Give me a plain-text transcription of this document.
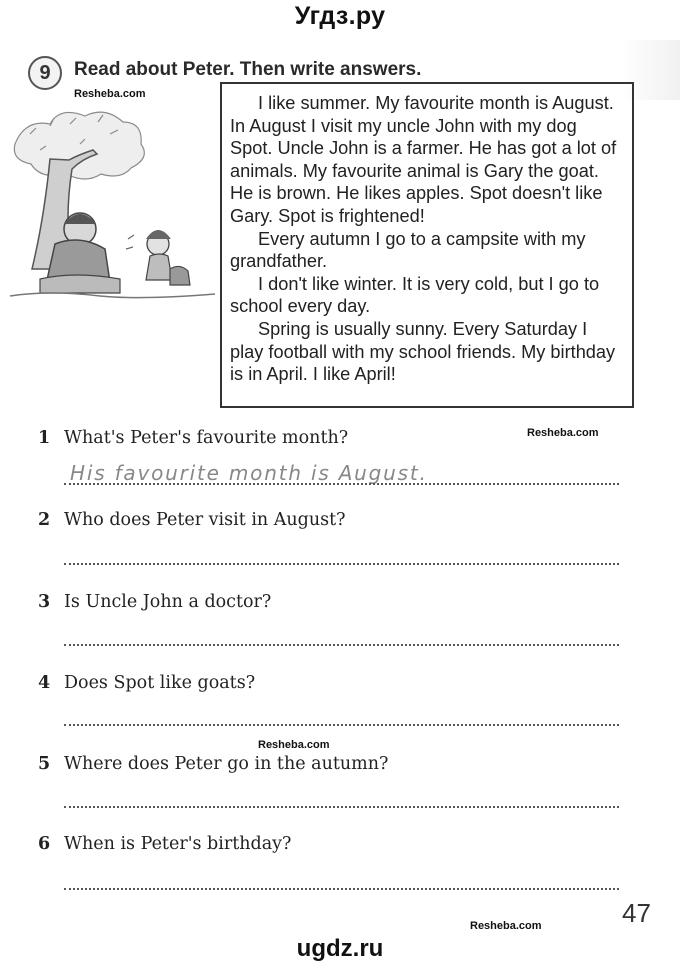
Угдз.ру
9	Read about Peter. Then write answers.
Resheba.com	I like summer. My favourite month is August. In August I visit my uncle John with my dog Spot. Uncle John is a farmer. He has got a lot of animals. My favourite animal is Gary the goat. He is brown. He likes apples. Spot doesn't like Gary. Spot is frightened!

Every autumn I go to a campsite with my grandfather.

I don't like winter. It is very cold, but I go to school every day.

Spring is usually sunny. Every Saturday I play football with my school friends. My birthday is in April. I like April!

1 What's Peter's favourite month?	Resheba.com
His favourite month is August.
2 Who does Peter visit in August?
3 Is Uncle John a doctor?
4 Does Spot like goats?
Resheba.com
5 Where does Peter go in the autumn?
6 When is Peter's birthday?
47
Resheba.com
ugdz.ru
